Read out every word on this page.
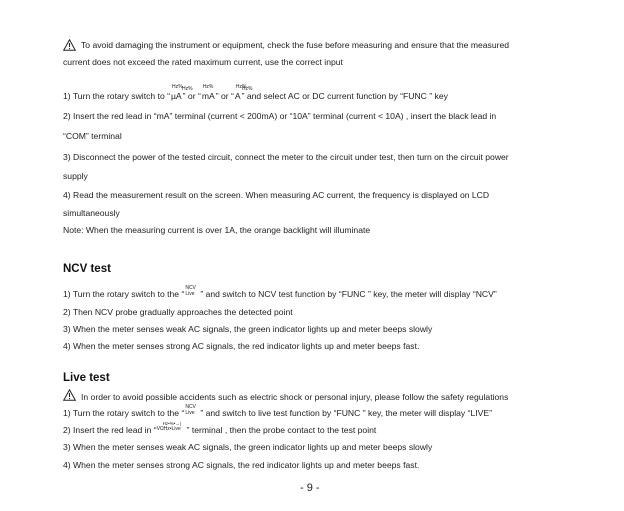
To avoid damaging the instrument or equipment, check the fuse before measuring and ensure that the measured
current does not exceed the rated maximum current, use the correct input
1) Turn the rotary switch to “
Hz%
µA
Hz%
” or “
Hz%
mA” or “
Hz%
A
Hz%
” and select AC or DC current function by “FUNC ” key
2) Insert the red lead in “mA” terminal (current < 200mA) or “10A” terminal (current < 10A) , insert the black lead in
“COM” terminal
3) Disconnect the power of the tested circuit, connect the meter to the circuit under test, then turn on the circuit power
supply
4) Read the measurement result on the screen. When measuring AC current, the frequency is displayed on LCD
simultaneously
Note: When the measuring current is over 1A, the orange backlight will illuminate
NCV test
1) Turn the rotary switch to the “
NCV
Live ” and switch to NCV test function by “FUNC ” key, the meter will display “NCV”
2) Then NCV probe gradually approaches the detected point
3) When the meter senses weak AC signals, the green indicator lights up and meter beeps slowly
4) When the meter senses strong AC signals, the red indicator lights up and meter beeps fast.
Live test
In order to avoid possible accidents such as electric shock or personal injury, please follow the safety regulations
1) Turn the rotary switch to the “
NCV
Live ” and switch to live test function by “FUNC ” key, the meter will display “LIVE”
2) Insert the red lead in “
Hz•%•→|
VΩHz•Live ” terminal , then the probe contact to the test point
3) When the meter senses weak AC signals, the green indicator lights up and meter beeps slowly
4) When the meter senses strong AC signals, the red indicator lights up and meter beeps fast.
- 9 -
